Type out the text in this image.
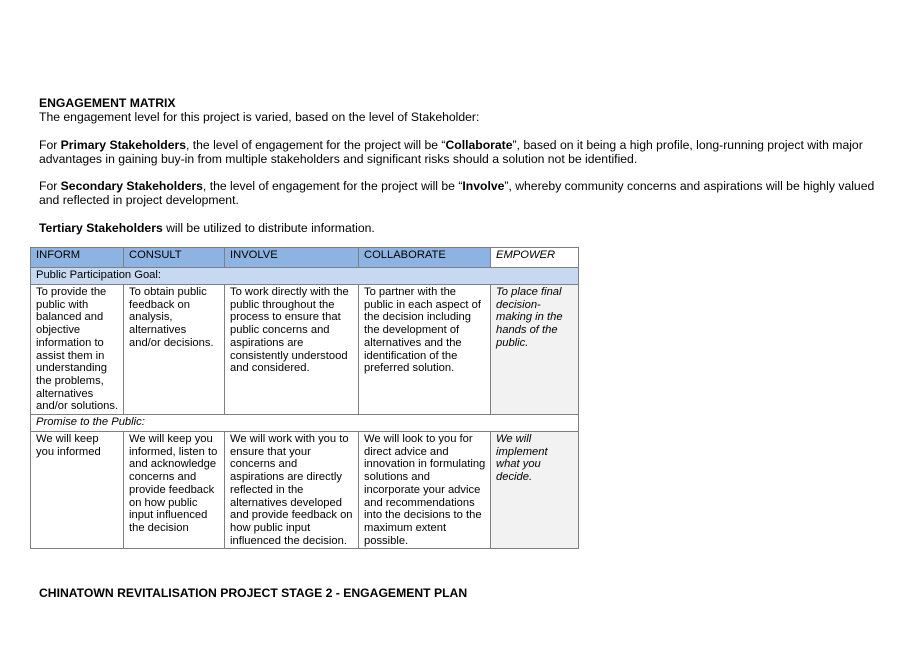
ENGAGEMENT MATRIX
The engagement level for this project is varied, based on the level of Stakeholder:
For Primary Stakeholders, the level of engagement for the project will be “Collaborate”, based on it being a high profile, long-running project with major advantages in gaining buy-in from multiple stakeholders and significant risks should a solution not be identified.
For Secondary Stakeholders, the level of engagement for the project will be “Involve”, whereby community concerns and aspirations will be highly valued and reflected in project development.
Tertiary Stakeholders will be utilized to distribute information.
INFORM	CONSULT	INVOLVE	COLLABORATE	EMPOWER
Public Participation Goal:				
To provide the public with balanced and objective information to assist them in understanding the problems, alternatives and/or solutions.	To obtain public feedback on analysis, alternatives and/or decisions.	To work directly with the public throughout the process to ensure that public concerns and aspirations are consistently understood and considered.	To partner with the public in each aspect of the decision including the development of alternatives and the identification of the preferred solution.	To place final decision-making in the hands of the public.
Promise to the Public:				
We will keep you informed	We will keep you informed, listen to and acknowledge concerns and provide feedback on how public input influenced the decision	We will work with you to ensure that your concerns and aspirations are directly reflected in the alternatives developed and provide feedback on how public input influenced the decision.	We will look to you for direct advice and innovation in formulating solutions and incorporate your advice and recommendations into the decisions to the maximum extent possible.	We will implement what you decide.
CHINATOWN REVITALISATION PROJECT STAGE 2 - ENGAGEMENT PLAN
